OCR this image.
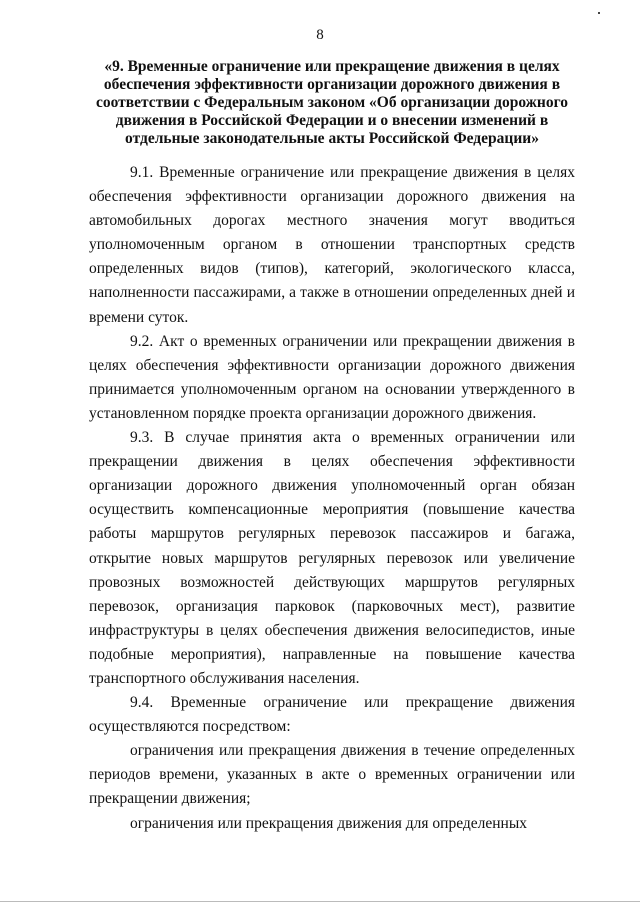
8
«9. Временные ограничение или прекращение движения в целях обеспечения эффективности организации дорожного движения в соответствии с Федеральным законом «Об организации дорожного движения в Российской Федерации и о внесении изменений в отдельные законодательные акты Российской Федерации»

9.1. Временные ограничение или прекращение движения в целях обеспечения эффективности организации дорожного движения на автомобильных дорогах местного значения могут вводиться уполномоченным органом в отношении транспортных средств определенных видов (типов), категорий, экологического класса, наполненности пассажирами, а также в отношении определенных дней и времени суток.

9.2. Акт о временных ограничении или прекращении движения в целях обеспечения эффективности организации дорожного движения принимается уполномоченным органом на основании утвержденного в установленном порядке проекта организации дорожного движения.

9.3. В случае принятия акта о временных ограничении или прекращении движения в целях обеспечения эффективности организации дорожного движения уполномоченный орган обязан осуществить компенсационные мероприятия (повышение качества работы маршрутов регулярных перевозок пассажиров и багажа, открытие новых маршрутов регулярных перевозок или увеличение провозных возможностей действующих маршрутов регулярных перевозок, организация парковок (парковочных мест), развитие инфраструктуры в целях обеспечения движения велосипедистов, иные подобные мероприятия), направленные на повышение качества транспортного обслуживания населения.

9.4. Временные ограничение или прекращение движения осуществляются посредством:

ограничения или прекращения движения в течение определенных периодов времени, указанных в акте о временных ограничении или прекращении движения;

ограничения или прекращения движения для определенных
